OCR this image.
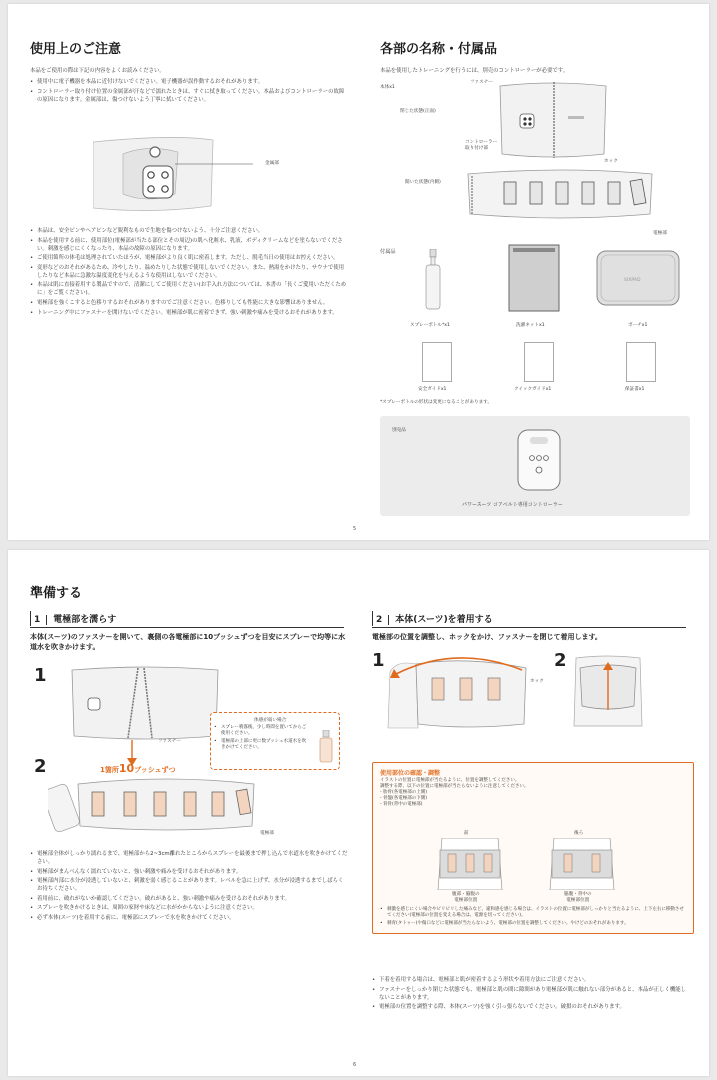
使用上のご注意
本品をご使用の際は下記の内容をよくお読みください。
• 使用中に電子機器を本品に近付けないでください。電子機器が誤作動するおそれがあります。
• コントローラー取り付け位置の金属部が汗などで濡れたときは、すぐに拭き取ってください。本品およびコントローラーの故障の原因になります。金属部は、傷つけないよう丁寧に拭いてください。
金属部
• 本品は、安全ピンやヘアピンなど鋭利なもので生地を傷つけないよう、十分ご注意ください。
• 本品を使用する前に、使用部位(電極部が当たる部位とその周辺)の肌へ化粧水、乳液、ボディクリームなどを塗らないでください。刺激を感じにくくなったり、本品の故障の原因になります。
• ご使用箇所の体毛は処理されていたほうが、電極部がより良く肌に密着します。ただし、脱毛当日の使用はお控えください。
• 変形などのおそれがあるため、冷やしたり、温めたりした状態で使用しないでください。また、熱湯をかけたり、サウナで使用したりなど本品に急激な温度変化を与えるような使用はしないでください。
• 本品は肌に直接着用する製品ですので、清潔にしてご使用ください(お手入れ方法については、本書の「長くご愛用いただくために」をご覧ください)。
• 電極部を強くこすると色移りするおそれがありますのでご注意ください。色移りしても性能に大きな影響はありません。
• トレーニング中にファスナーを開けないでください。電極部が肌に密着できず、強い刺激や痛みを受けるおそれがあります。
各部の名称・付属品
本品を使用したトレーニングを行うには、別売のコントローラーが必要です。
本体x1
ファスナー
閉じた状態(正面)
コントローラー
取り付け部
ホック
開いた状態(内側)
電極部
付属品
SIXPAD
スプレーボトル*x1	洗濯ネットx1	ポーチx1
安全ガイドx1	クイックガイドx1	保証書x1
*スプレーボトルの形状は変更になることがあります。
別売品
パワースーツ コアベルト専用コントローラー
5
準備する
1 電極部を濡らす
本体(スーツ)のファスナーを開いて、裏側の各電極部に10プッシュずつを目安にスプレーで均等に水道水を吹きかけます。
1
ファスナー
体感が弱い場合
• スプレー噴霧後、少し時間を置いてからご使用ください。
• 電極部の上部に更に数プッシュ水道水を吹きかけてください。
2	1箇所10プッシュずつ
電極部
• 電極部全体がしっかり濡れるまで、電極部から2~3cm離れたところからスプレーを最後まで押し込んで水道水を吹きかけてください。
• 電極部がまんべんなく濡れていないと、強い刺激や痛みを受けるおそれがあります。
• 電極部内部に水分が浸透していないと、刺激を弱く感じることがあります。レベルを急に上げず、水分が浸透するまでしばらくお待ちください。
• 着用前に、破れがないか確認してください。破れがあると、強い刺激や痛みを受けるおそれがあります。
• スプレーを吹きかけるときは、周囲の家財や床などに水がかからないように注意ください。
• 必ず本体(スーツ)を着用する前に、電極部にスプレーで水を吹きかけてください。
2 本体(スーツ)を着用する
電極部の位置を調整し、ホックをかけ、ファスナーを閉じて着用します。
1
ホック
2
使用部位の確認・調整
イラストの位置に電極部が当たるように、位置を調整してください。
調整する際、以下の位置に電極部が当たらないように注意してください。
- 肋骨(各電極部の上側)
- 骨盤(各電極部の下側)
- 背骨(背中の電極部)
前	後ろ
腹部・脇腹の
電極部位置
脇腹・背中の
電極部位置
• 刺激を感じにくい場合やピリピリした痛みなど、違和感を感じる場合は、イラストの位置に電極部がしっかりと当たるように、上下左右に移動させてください(電極部の位置を変える場合は、電源を切ってください)。
• 刺青(タトゥー)や傷口などに電極部が当たらないよう、電極部の位置を調整してください。やけどのおそれがあります。
• 下着を着用する場合は、電極部と肌が密着するよう形状や着用方法にご注意ください。
• ファスナーをしっかり閉じた状態でも、電極部と肌の間に隙間があり電極部が肌に触れない部分があると、本品が正しく機能しないことがあります。
• 電極部の位置を調整する際、本体(スーツ)を強く引っ張らないでください。破損のおそれがあります。
6
